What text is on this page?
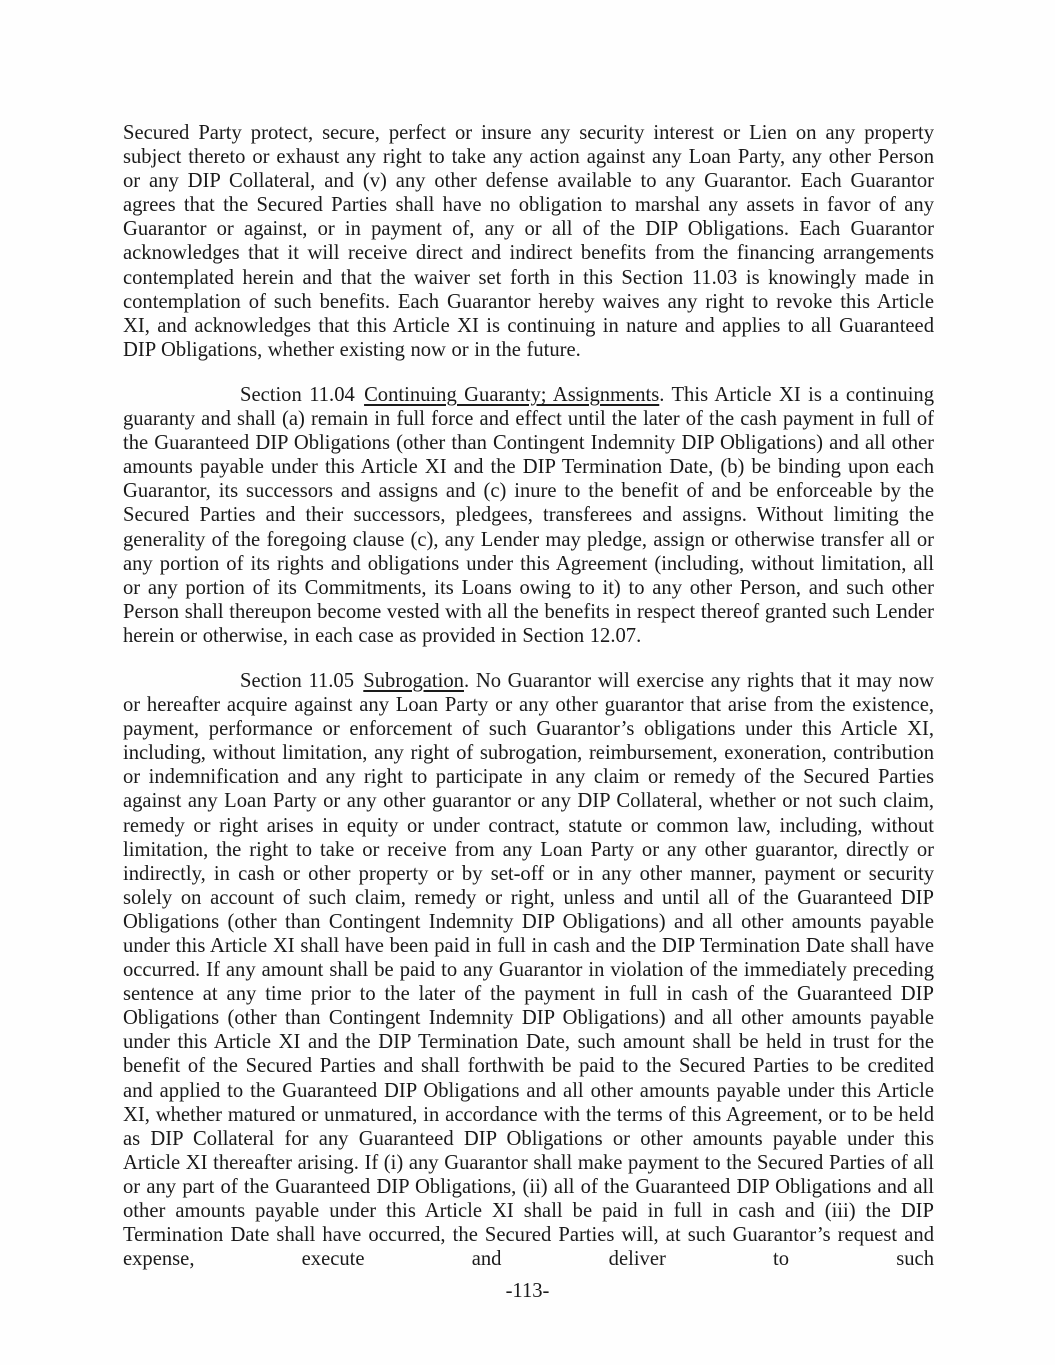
Secured Party protect, secure, perfect or insure any security interest or Lien on any property subject thereto or exhaust any right to take any action against any Loan Party, any other Person or any DIP Collateral, and (v) any other defense available to any Guarantor. Each Guarantor agrees that the Secured Parties shall have no obligation to marshal any assets in favor of any Guarantor or against, or in payment of, any or all of the DIP Obligations. Each Guarantor acknowledges that it will receive direct and indirect benefits from the financing arrangements contemplated herein and that the waiver set forth in this Section 11.03 is knowingly made in contemplation of such benefits. Each Guarantor hereby waives any right to revoke this Article XI, and acknowledges that this Article XI is continuing in nature and applies to all Guaranteed DIP Obligations, whether existing now or in the future.

Section 11.04 Continuing Guaranty; Assignments. This Article XI is a continuing guaranty and shall (a) remain in full force and effect until the later of the cash payment in full of the Guaranteed DIP Obligations (other than Contingent Indemnity DIP Obligations) and all other amounts payable under this Article XI and the DIP Termination Date, (b) be binding upon each Guarantor, its successors and assigns and (c) inure to the benefit of and be enforceable by the Secured Parties and their successors, pledgees, transferees and assigns. Without limiting the generality of the foregoing clause (c), any Lender may pledge, assign or otherwise transfer all or any portion of its rights and obligations under this Agreement (including, without limitation, all or any portion of its Commitments, its Loans owing to it) to any other Person, and such other Person shall thereupon become vested with all the benefits in respect thereof granted such Lender herein or otherwise, in each case as provided in Section 12.07.

Section 11.05 Subrogation. No Guarantor will exercise any rights that it may now or hereafter acquire against any Loan Party or any other guarantor that arise from the existence, payment, performance or enforcement of such Guarantor’s obligations under this Article XI, including, without limitation, any right of subrogation, reimbursement, exoneration, contribution or indemnification and any right to participate in any claim or remedy of the Secured Parties against any Loan Party or any other guarantor or any DIP Collateral, whether or not such claim, remedy or right arises in equity or under contract, statute or common law, including, without limitation, the right to take or receive from any Loan Party or any other guarantor, directly or indirectly, in cash or other property or by set-off or in any other manner, payment or security solely on account of such claim, remedy or right, unless and until all of the Guaranteed DIP Obligations (other than Contingent Indemnity DIP Obligations) and all other amounts payable under this Article XI shall have been paid in full in cash and the DIP Termination Date shall have occurred. If any amount shall be paid to any Guarantor in violation of the immediately preceding sentence at any time prior to the later of the payment in full in cash of the Guaranteed DIP Obligations (other than Contingent Indemnity DIP Obligations) and all other amounts payable under this Article XI and the DIP Termination Date, such amount shall be held in trust for the benefit of the Secured Parties and shall forthwith be paid to the Secured Parties to be credited and applied to the Guaranteed DIP Obligations and all other amounts payable under this Article XI, whether matured or unmatured, in accordance with the terms of this Agreement, or to be held as DIP Collateral for any Guaranteed DIP Obligations or other amounts payable under this Article XI thereafter arising. If (i) any Guarantor shall make payment to the Secured Parties of all or any part of the Guaranteed DIP Obligations, (ii) all of the Guaranteed DIP Obligations and all other amounts payable under this Article XI shall be paid in full in cash and (iii) the DIP Termination Date shall have occurred, the Secured Parties will, at such Guarantor’s request and expense, execute and deliver to such

-113-
